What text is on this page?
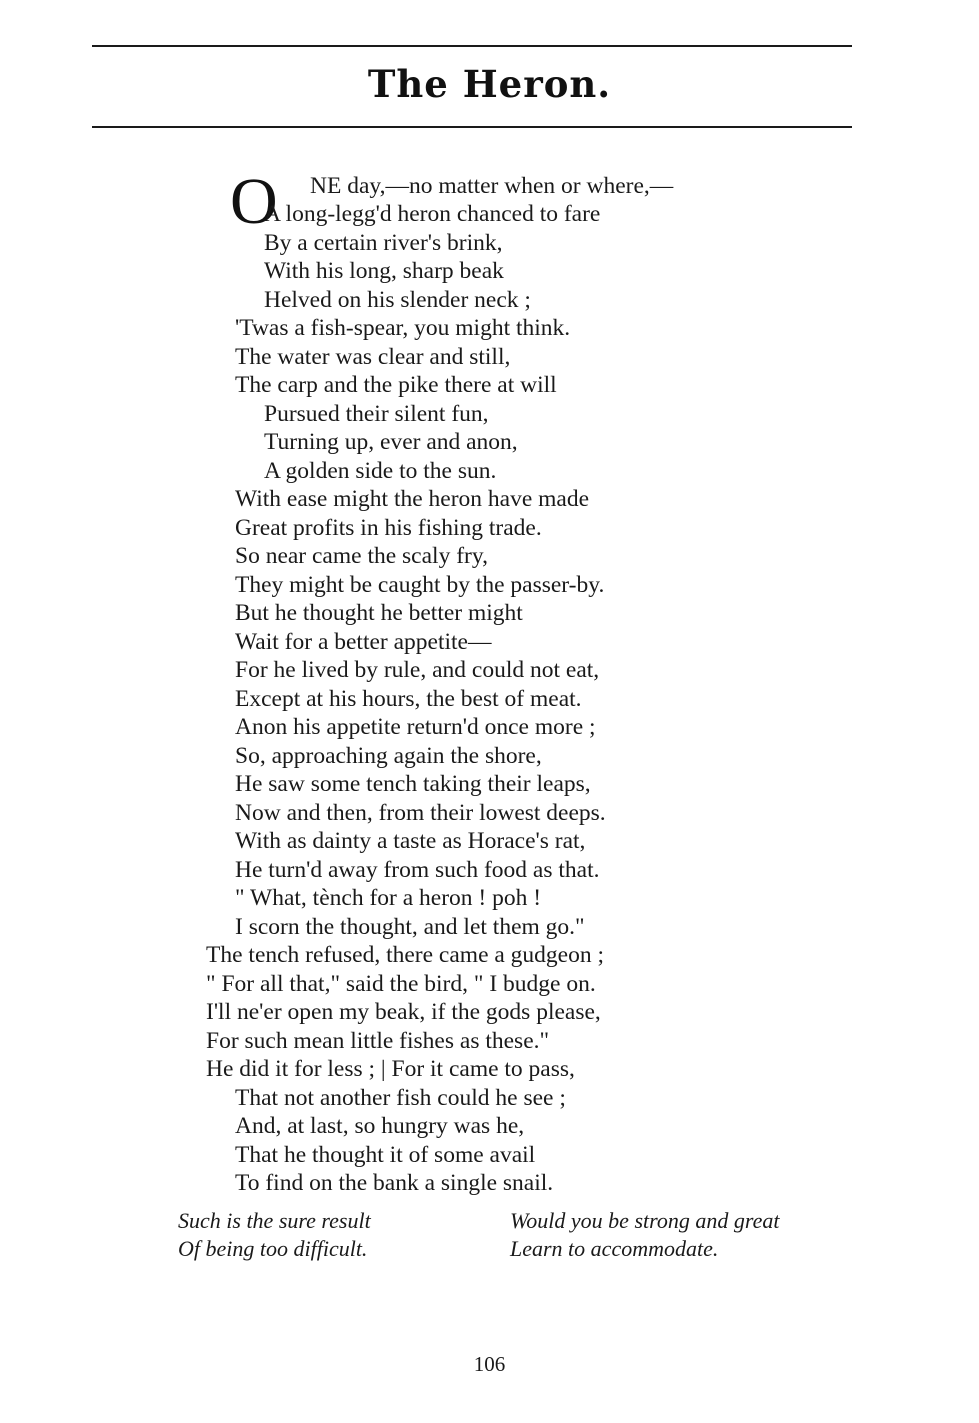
The Heron.
O NE day,—no matter when or where,—
A long-legg'd heron chanced to fare
By a certain river's brink,
With his long, sharp beak
Helved on his slender neck ;
'Twas a fish-spear, you might think.
The water was clear and still,
The carp and the pike there at will
Pursued their silent fun,
Turning up, ever and anon,
A golden side to the sun.
With ease might the heron have made
Great profits in his fishing trade.
So near came the scaly fry,
They might be caught by the passer-by.
But he thought he better might
Wait for a better appetite—
For he lived by rule, and could not eat,
Except at his hours, the best of meat.
Anon his appetite return'd once more ;
So, approaching again the shore,
He saw some tench taking their leaps,
Now and then, from their lowest deeps.
With as dainty a taste as Horace's rat,
He turn'd away from such food as that.
" What, tènch for a heron ! poh !
I scorn the thought, and let them go."
The tench refused, there came a gudgeon ;
" For all that," said the bird, " I budge on.
I'll ne'er open my beak, if the gods please,
For such mean little fishes as these."
He did it for less ; | For it came to pass,
That not another fish could he see ;
And, at last, so hungry was he,
That he thought it of some avail
To find on the bank a single snail.
Such is the sure result
Of being too difficult.
Would you be strong and great
Learn to accommodate.
106
